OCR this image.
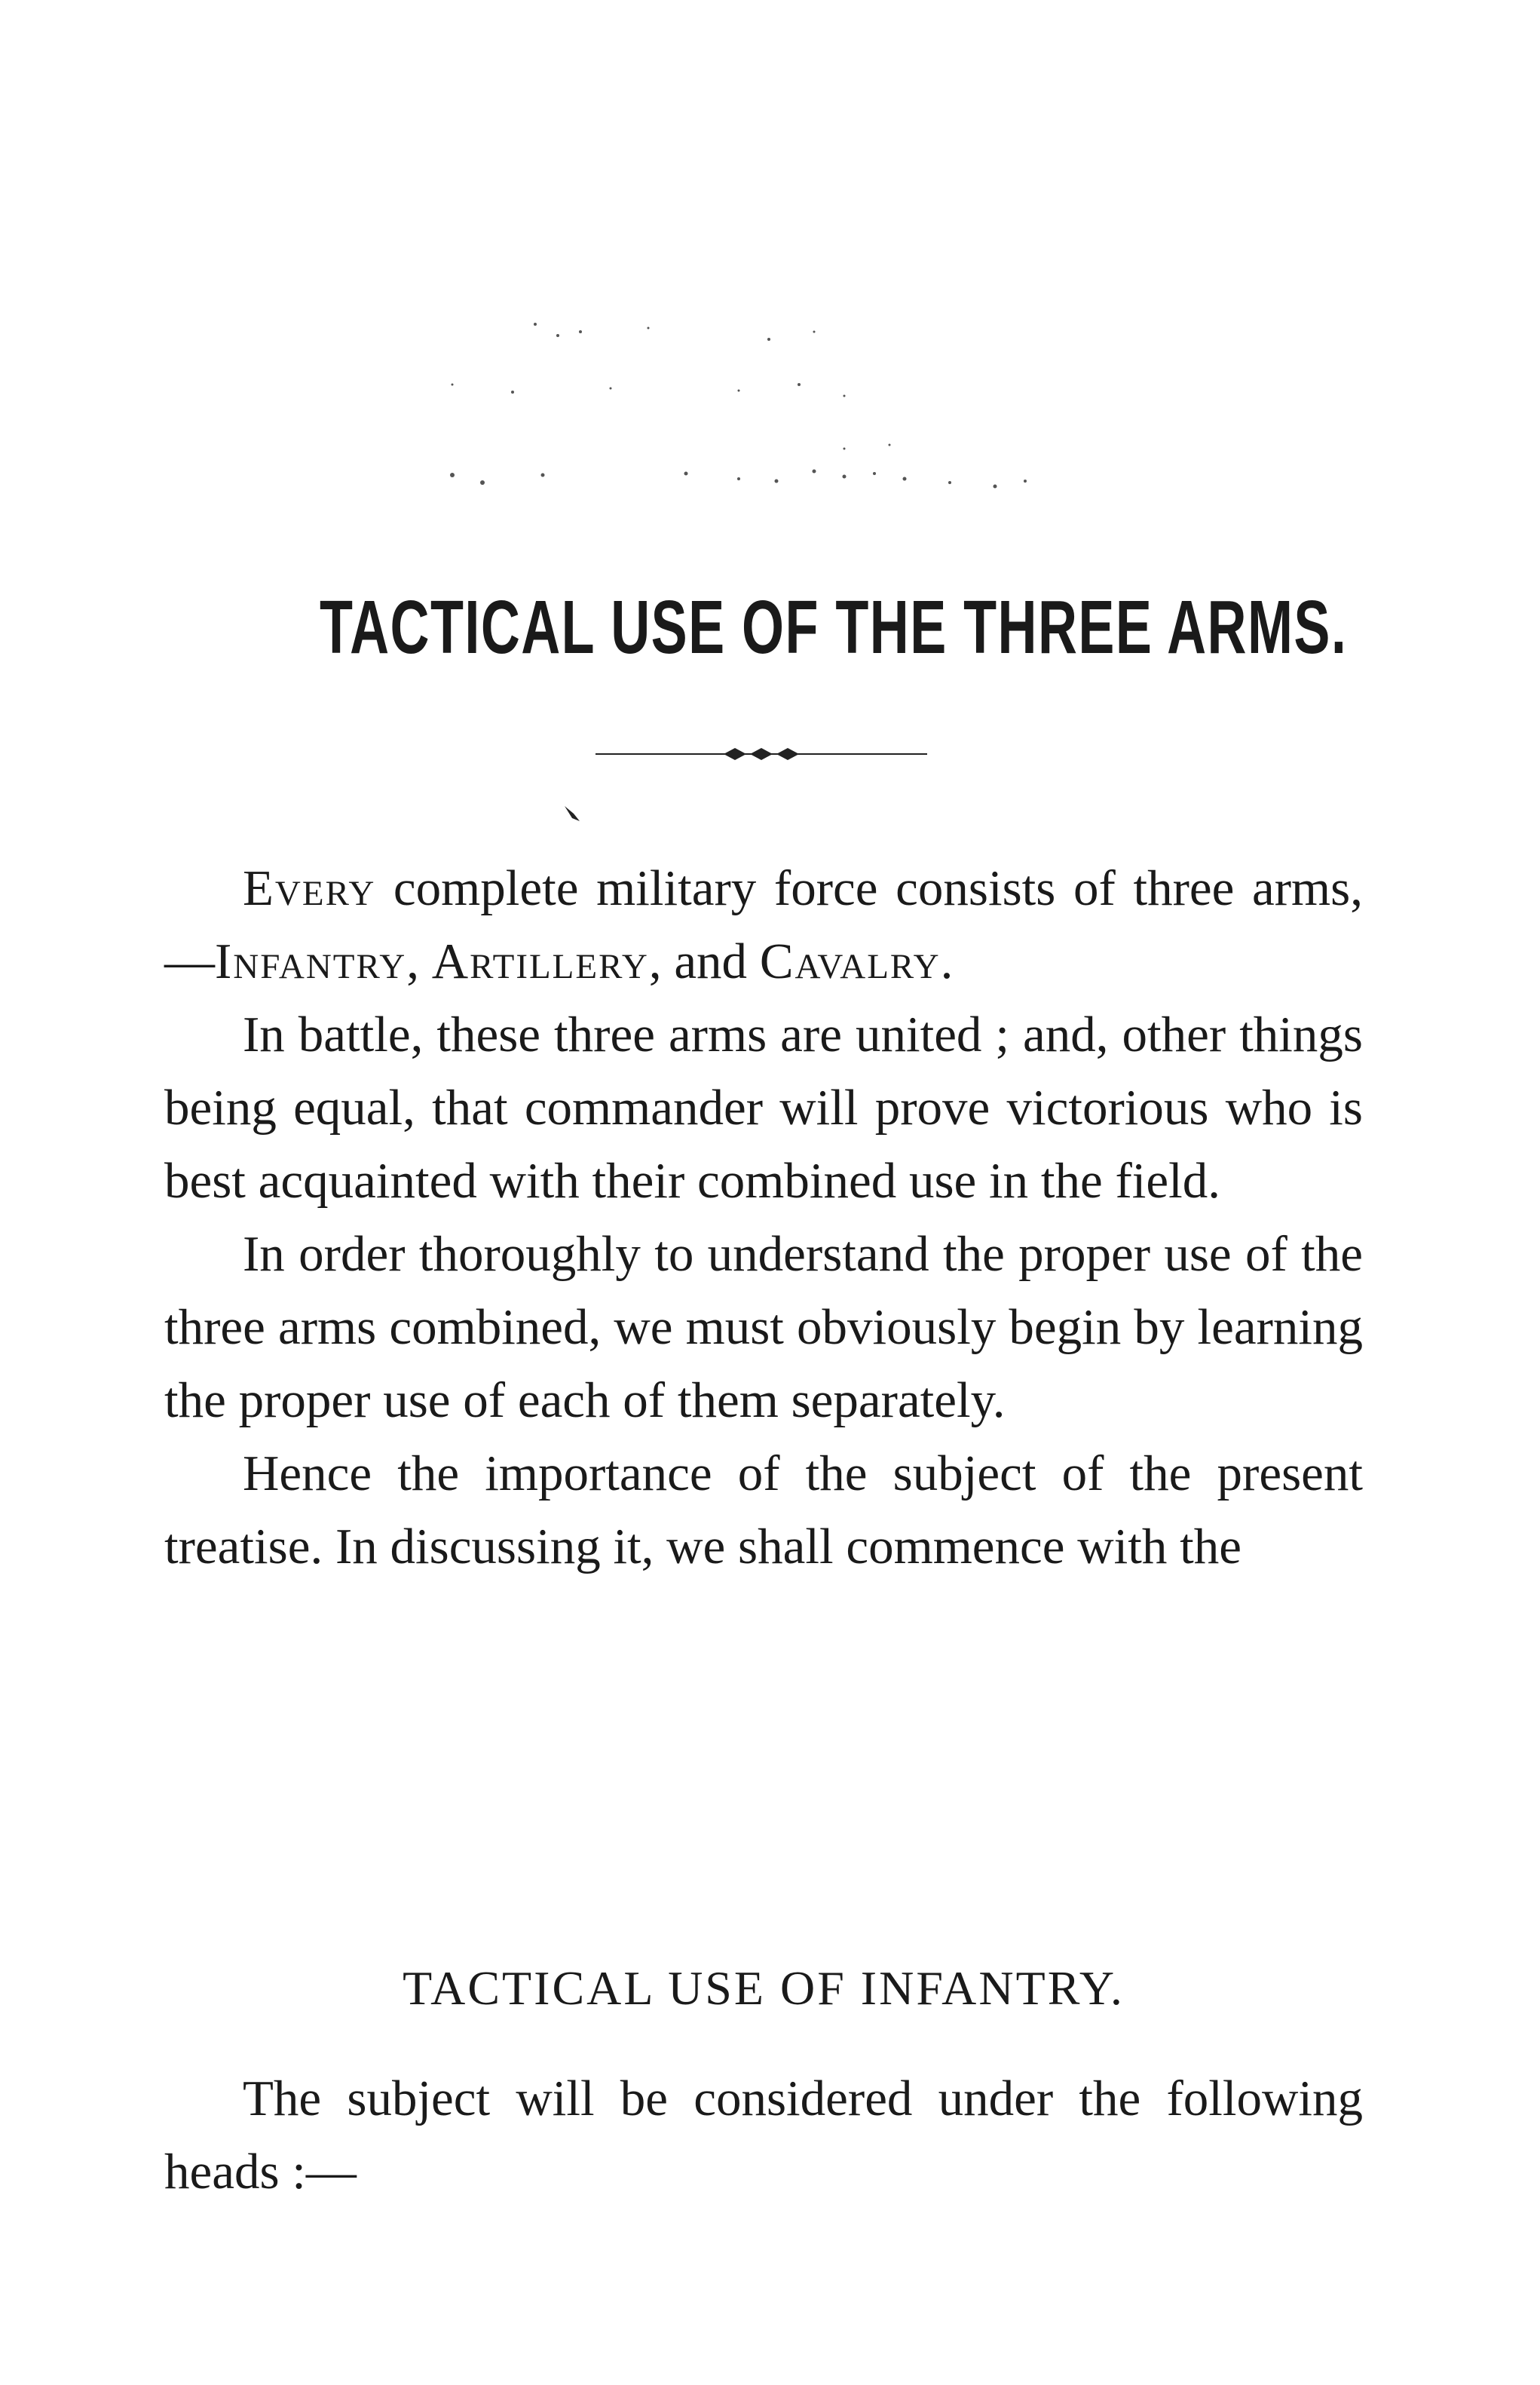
TACTICAL USE OF THE THREE ARMS.

Every complete military force consists of three arms,—Infantry, Artillery, and Cavalry.

In battle, these three arms are united ; and, other things being equal, that commander will prove victorious who is best acquainted with their combined use in the field.

In order thoroughly to understand the proper use of the three arms combined, we must obviously begin by learning the proper use of each of them separately.

Hence the importance of the subject of the present treatise. In discussing it, we shall commence with the

TACTICAL USE OF INFANTRY.

The subject will be considered under the following heads :—
